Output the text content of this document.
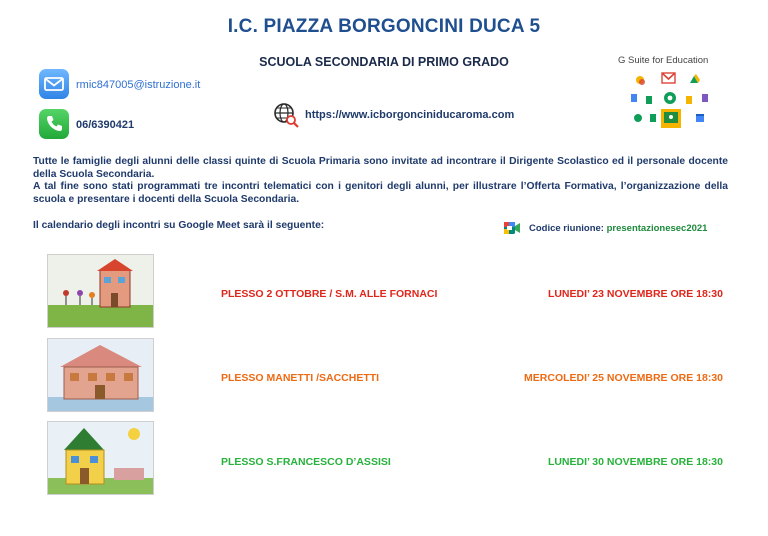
I.C. PIAZZA BORGONCINI DUCA 5
SCUOLA SECONDARIA DI PRIMO GRADO
rmic847005@istruzione.it
06/6390421
https://www.icborgonciniducaroma.com
G Suite for Education
Tutte le famiglie degli alunni delle classi quinte di Scuola Primaria sono invitate ad incontrare il Dirigente Scolastico ed il personale docente della Scuola Secondaria.
A tal fine sono stati programmati tre incontri telematici con i genitori degli alunni, per illustrare l’Offerta Formativa, l’organizzazione della scuola e presentare i docenti della Scuola Secondaria.
Il calendario degli incontri su Google Meet sarà il seguente:	Codice riunione: presentazionesec2021
PLESSO 2 OTTOBRE / S.M. ALLE FORNACI	LUNEDI’ 23 NOVEMBRE ORE 18:30
PLESSO MANETTI /SACCHETTI	MERCOLEDI’ 25 NOVEMBRE ORE 18:30
PLESSO S.FRANCESCO D’ASSISI	LUNEDI’ 30 NOVEMBRE ORE 18:30
